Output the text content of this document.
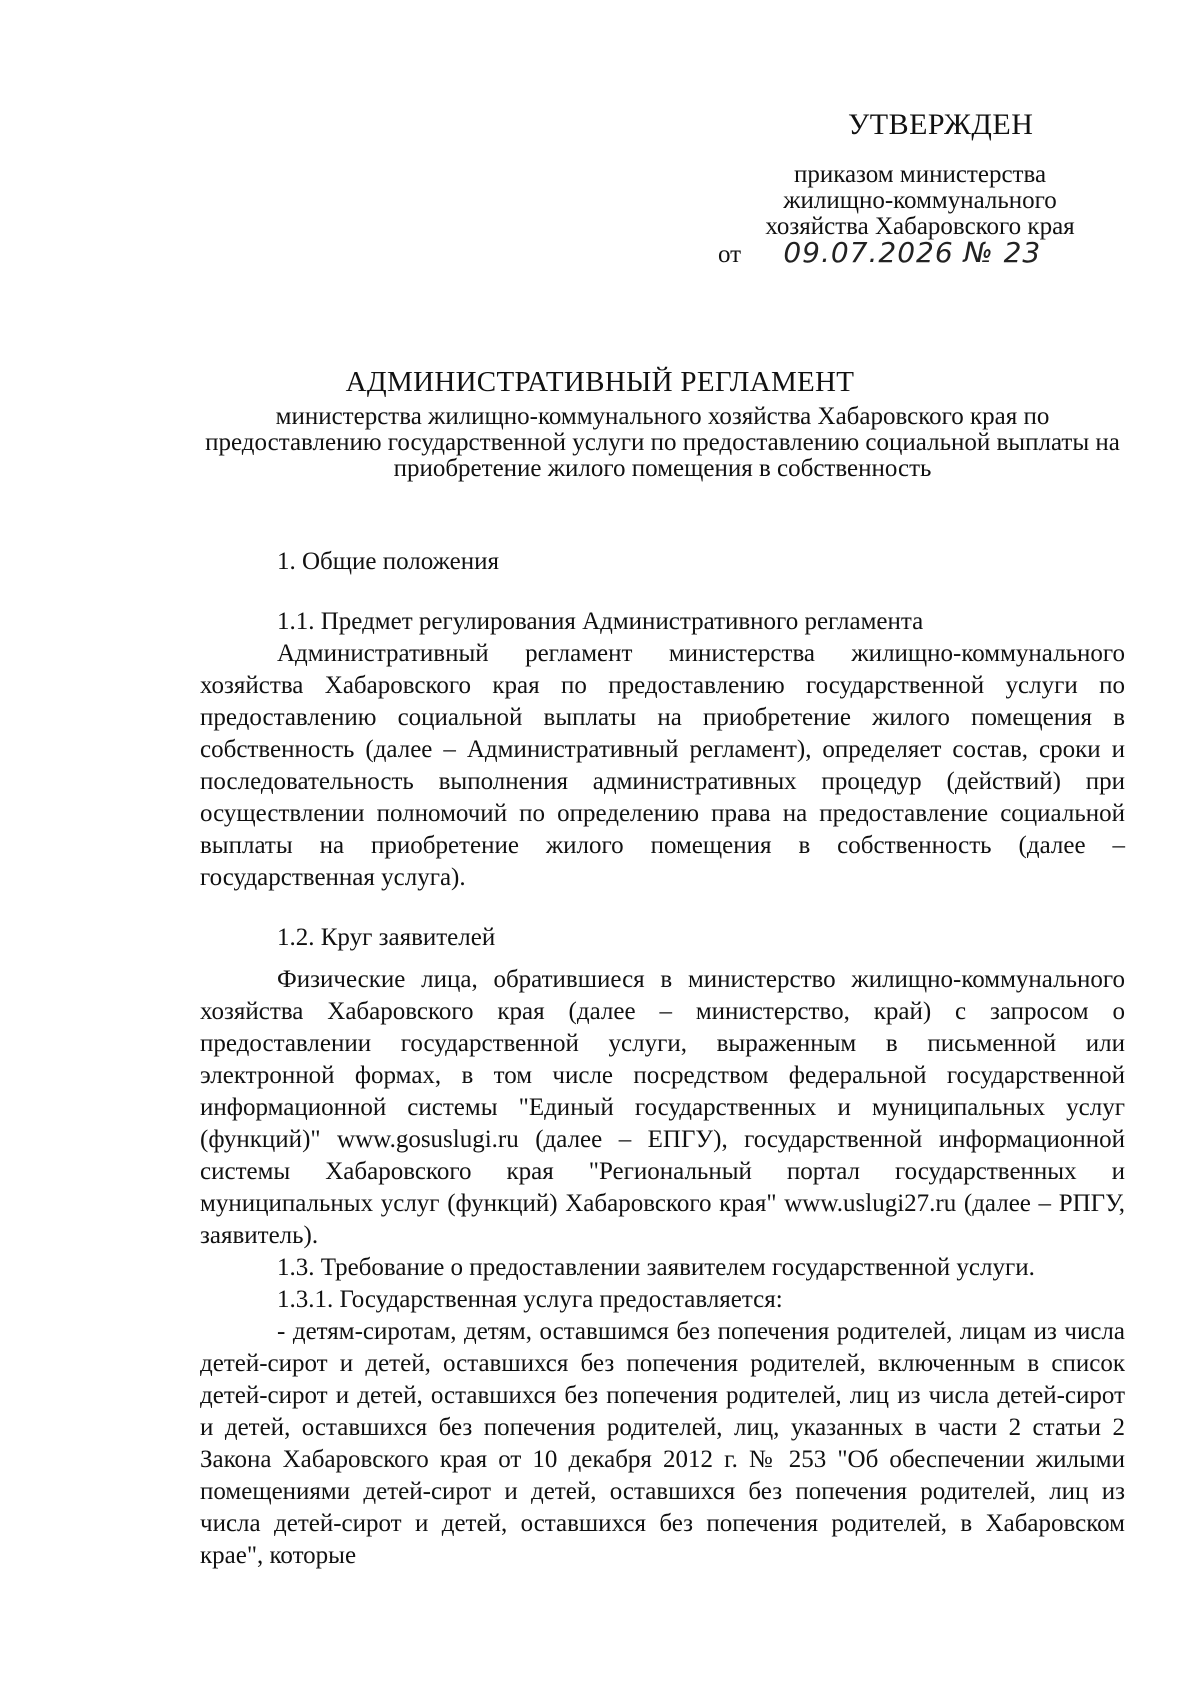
УТВЕРЖДЕН
приказом министерства
жилищно-коммунального
хозяйства Хабаровского края
от 09.07.2026 № 23
АДМИНИСТРАТИВНЫЙ РЕГЛАМЕНТ
министерства жилищно-коммунального хозяйства Хабаровского края по предоставлению государственной услуги по предоставлению социальной выплаты на приобретение жилого помещения в собственность

1. Общие положения

1.1. Предмет регулирования Административного регламента

Административный регламент министерства жилищно-коммунального хозяйства Хабаровского края по предоставлению государственной услуги по предоставлению социальной выплаты на приобретение жилого помещения в собственность (далее – Административный регламент), определяет состав, сроки и последовательность выполнения административных процедур (действий) при осуществлении полномочий по определению права на предоставление социальной выплаты на приобретение жилого помещения в собственность (далее – государственная услуга).

1.2. Круг заявителей

Физические лица, обратившиеся в министерство жилищно-коммунального хозяйства Хабаровского края (далее – министерство, край) с запросом о предоставлении государственной услуги, выраженным в письменной или электронной формах, в том числе посредством федеральной государственной информационной системы "Единый государственных и муниципальных услуг (функций)" www.gosuslugi.ru (далее – ЕПГУ), государственной информационной системы Хабаровского края "Региональный портал государственных и муниципальных услуг (функций) Хабаровского края" www.uslugi27.ru (далее – РПГУ, заявитель).

1.3. Требование о предоставлении заявителем государственной услуги.

1.3.1. Государственная услуга предоставляется:

- детям-сиротам, детям, оставшимся без попечения родителей, лицам из числа детей-сирот и детей, оставшихся без попечения родителей, включенным в список детей-сирот и детей, оставшихся без попечения родителей, лиц из числа детей-сирот и детей, оставшихся без попечения родителей, лиц, указанных в части 2 статьи 2 Закона Хабаровского края от 10 декабря 2012 г. № 253 "Об обеспечении жилыми помещениями детей-сирот и детей, оставшихся без попечения родителей, лиц из числа детей-сирот и детей, оставшихся без попечения родителей, в Хабаровском крае", которые
